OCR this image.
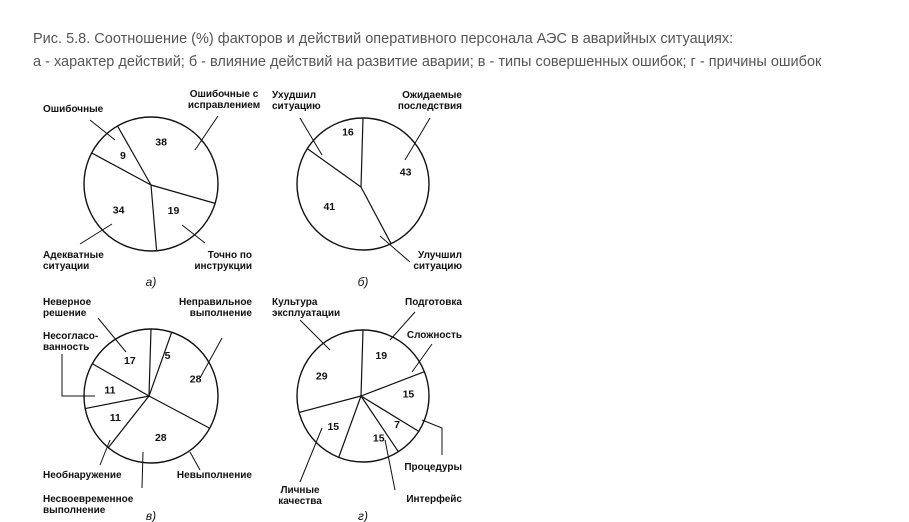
Рис. 5.8. Соотношение (%) факторов и действий оперативного персонала АЭС в аварийных ситуациях:
а - характер действий; б - влияние действий на развитие аварии; в - типы совершенных ошибок; г - причины ошибок
38
19
34
9
Ошибочные
Ошибочные с исправлением
Точно по инструкции
Адекватные ситуации
а)
43
41
16
Ухудшил ситуацию
Ожидаемые последствия
Улучшил ситуацию
б)
28
28
11
11
17	5
Неверное решение
Неправильное выполнение
Невыполнение
Несвоевременное выполнение
Необнаружение
Несогласо-ванность
в)
19
15
7
15
15
29
Культура эксплуатации
Подготовка
Сложность
Процедуры
Интерфейс
Личные качества
г)
